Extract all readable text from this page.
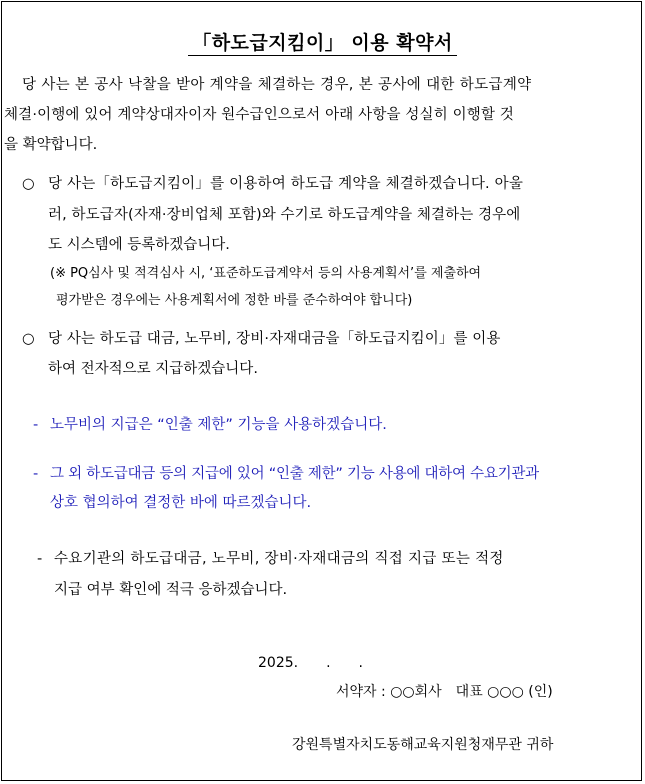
「하도급지킴이」 이용 확약서
당 사는 본 공사 낙찰을 받아 계약을 체결하는 경우, 본 공사에 대한 하도급계약
체결·이행에 있어 계약상대자이자 원수급인으로서 아래 사항을 성실히 이행할 것
을 확약합니다.
○ 당 사는「하도급지킴이」를 이용하여 하도급 계약을 체결하겠습니다. 아울
러, 하도급자(자재·장비업체 포함)와 수기로 하도급계약을 체결하는 경우에
도 시스템에 등록하겠습니다.
(※ PQ심사 및 적격심사 시, ‘표준하도급계약서 등의 사용계획서’를 제출하여
평가받은 경우에는 사용계획서에 정한 바를 준수하여야 합니다)
○ 당 사는 하도급 대금, 노무비, 장비·자재대금을「하도급지킴이」를 이용
하여 전자적으로 지급하겠습니다.
- 노무비의 지급은 “인출 제한” 기능을 사용하겠습니다.
- 그 외 하도급대금 등의 지급에 있어 “인출 제한” 기능 사용에 대하여 수요기관과
상호 협의하여 결정한 바에 따르겠습니다.
- 수요기관의 하도급대금, 노무비, 장비·자재대금의 직접 지급 또는 적정
지급 여부 확인에 적극 응하겠습니다.
2025.　　.　　.
서약자 : ○○회사　대표 ○○○ (인)
강원특별자치도동해교육지원청재무관 귀하
